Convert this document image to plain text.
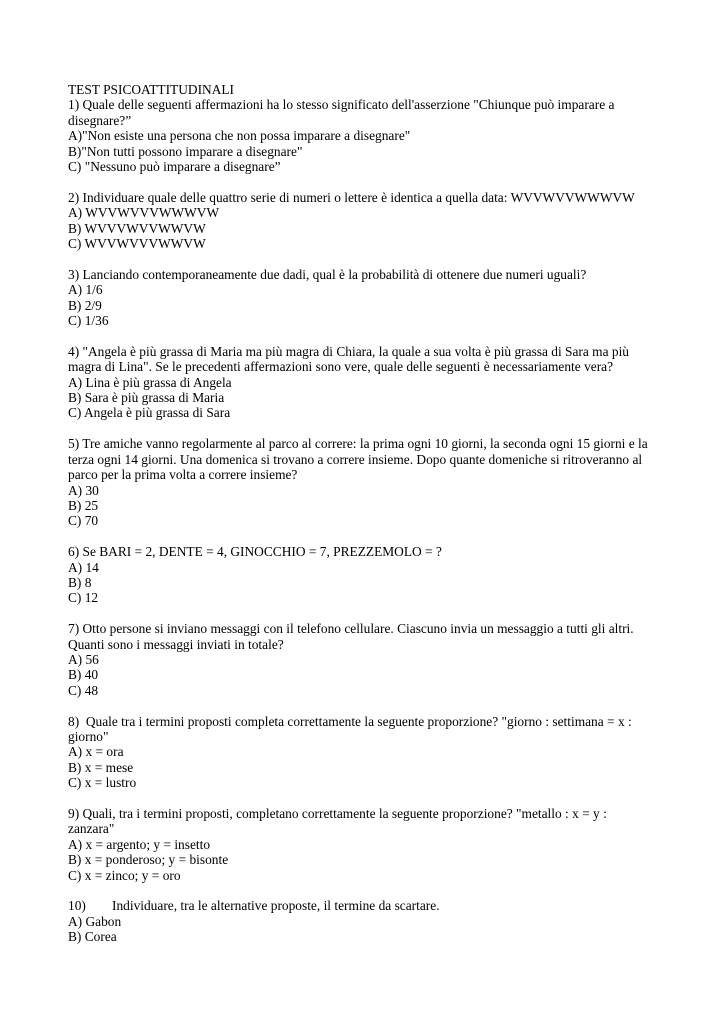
TEST PSICOATTITUDINALI

1) Quale delle seguenti affermazioni ha lo stesso significato dell'asserzione "Chiunque può imparare a

disegnare?”

A)"Non esiste una persona che non possa imparare a disegnare"

B)"Non tutti possono imparare a disegnare"

C) "Nessuno può imparare a disegnare”

2) Individuare quale delle quattro serie di numeri o lettere è identica a quella data: WVVWVVWWWVW

A) WVVWVVVWWWVW

B) WVVVWVVWWVW

C) WVVWVVVWWVW

3) Lanciando contemporaneamente due dadi, qual è la probabilità di ottenere due numeri uguali?

A) 1/6

B) 2/9

C) 1/36

4) "Angela è più grassa di Maria ma più magra di Chiara, la quale a sua volta è più grassa di Sara ma più

magra di Lina". Se le precedenti affermazioni sono vere, quale delle seguenti è necessariamente vera?

A) Lina è più grassa di Angela

B) Sara è più grassa di Maria

C) Angela è più grassa di Sara

5) Tre amiche vanno regolarmente al parco al correre: la prima ogni 10 giorni, la seconda ogni 15 giorni e la

terza ogni 14 giorni. Una domenica si trovano a correre insieme. Dopo quante domeniche si ritroveranno al

parco per la prima volta a correre insieme?

A) 30

B) 25

C) 70

6) Se BARI = 2, DENTE = 4, GINOCCHIO = 7, PREZZEMOLO = ?

A) 14

B) 8

C) 12

7) Otto persone si inviano messaggi con il telefono cellulare. Ciascuno invia un messaggio a tutti gli altri.

Quanti sono i messaggi inviati in totale?

A) 56

B) 40

C) 48

8)  Quale tra i termini proposti completa correttamente la seguente proporzione? "giorno : settimana = x :

giorno"

A) x = ora

B) x = mese

C) x = lustro

9) Quali, tra i termini proposti, completano correttamente la seguente proporzione? "metallo : x = y :

zanzara"

A) x = argento; y = insetto

B) x = ponderoso; y = bisonte

C) x = zinco; y = oro

10) Individuare, tra le alternative proposte, il termine da scartare.

A) Gabon

B) Corea
